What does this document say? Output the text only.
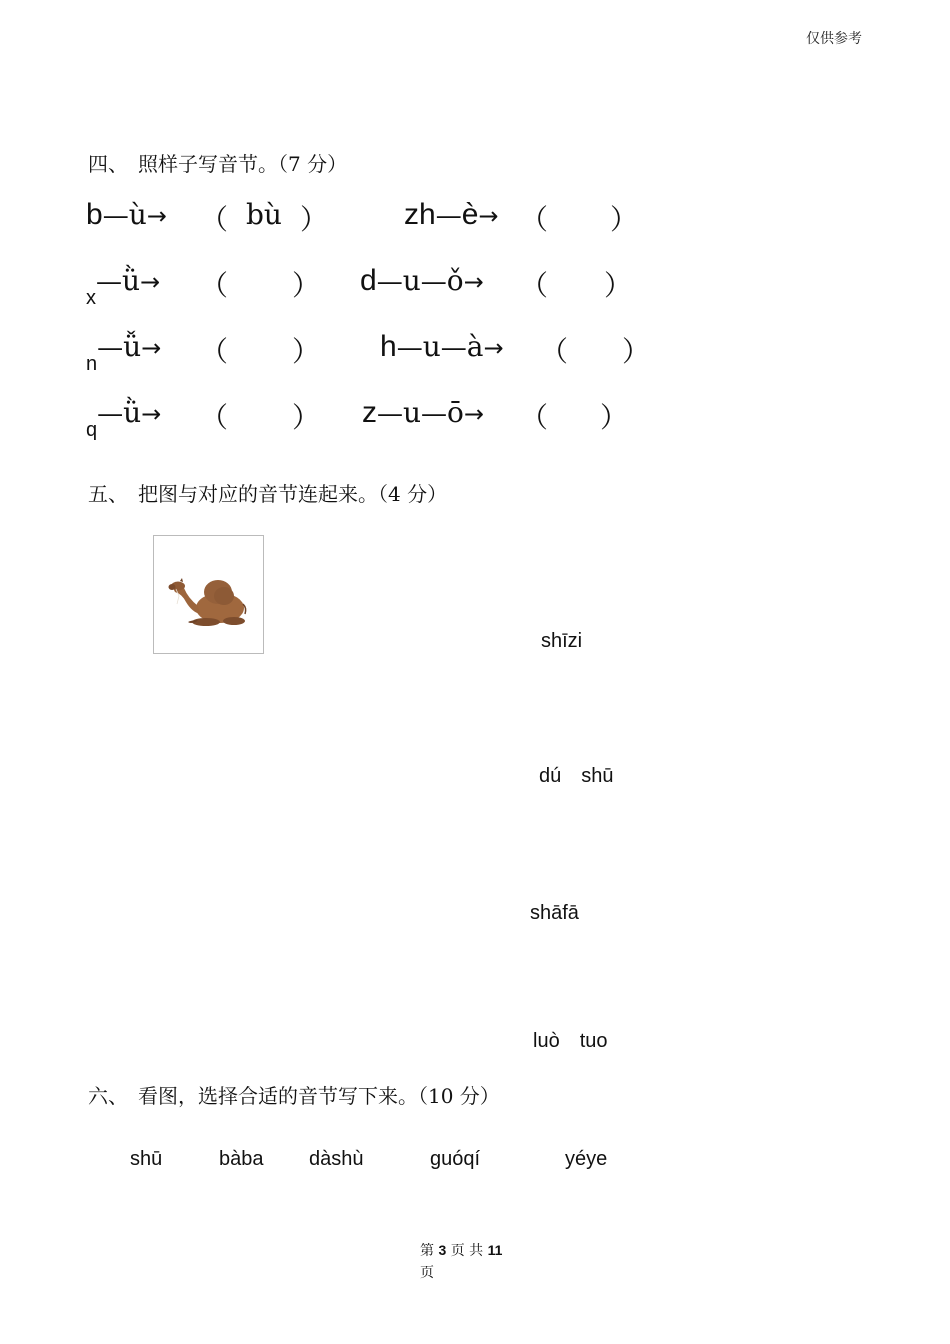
仅供参考
四、　照样子写音节。（7 分）
b—ù→ （ bù ）	zh—è→ （ ）
$_x$—ǜ→ （ ） d—u—ǒ→ （ ）
$_n$—ǚ→ （ ） h—u—à→ （ ）
$_q$—ǜ→ （ ） z—u—ō→ （ ）
五、　把图与对应的音节连起来。（4 分）

shīzi
dú　shū
shāfā
luò　tuo
六、　看图，选择合适的音节写下来。（10 分）
shū	bàba dàshù	guóqí	yéye
第 3 页 共 11
页
